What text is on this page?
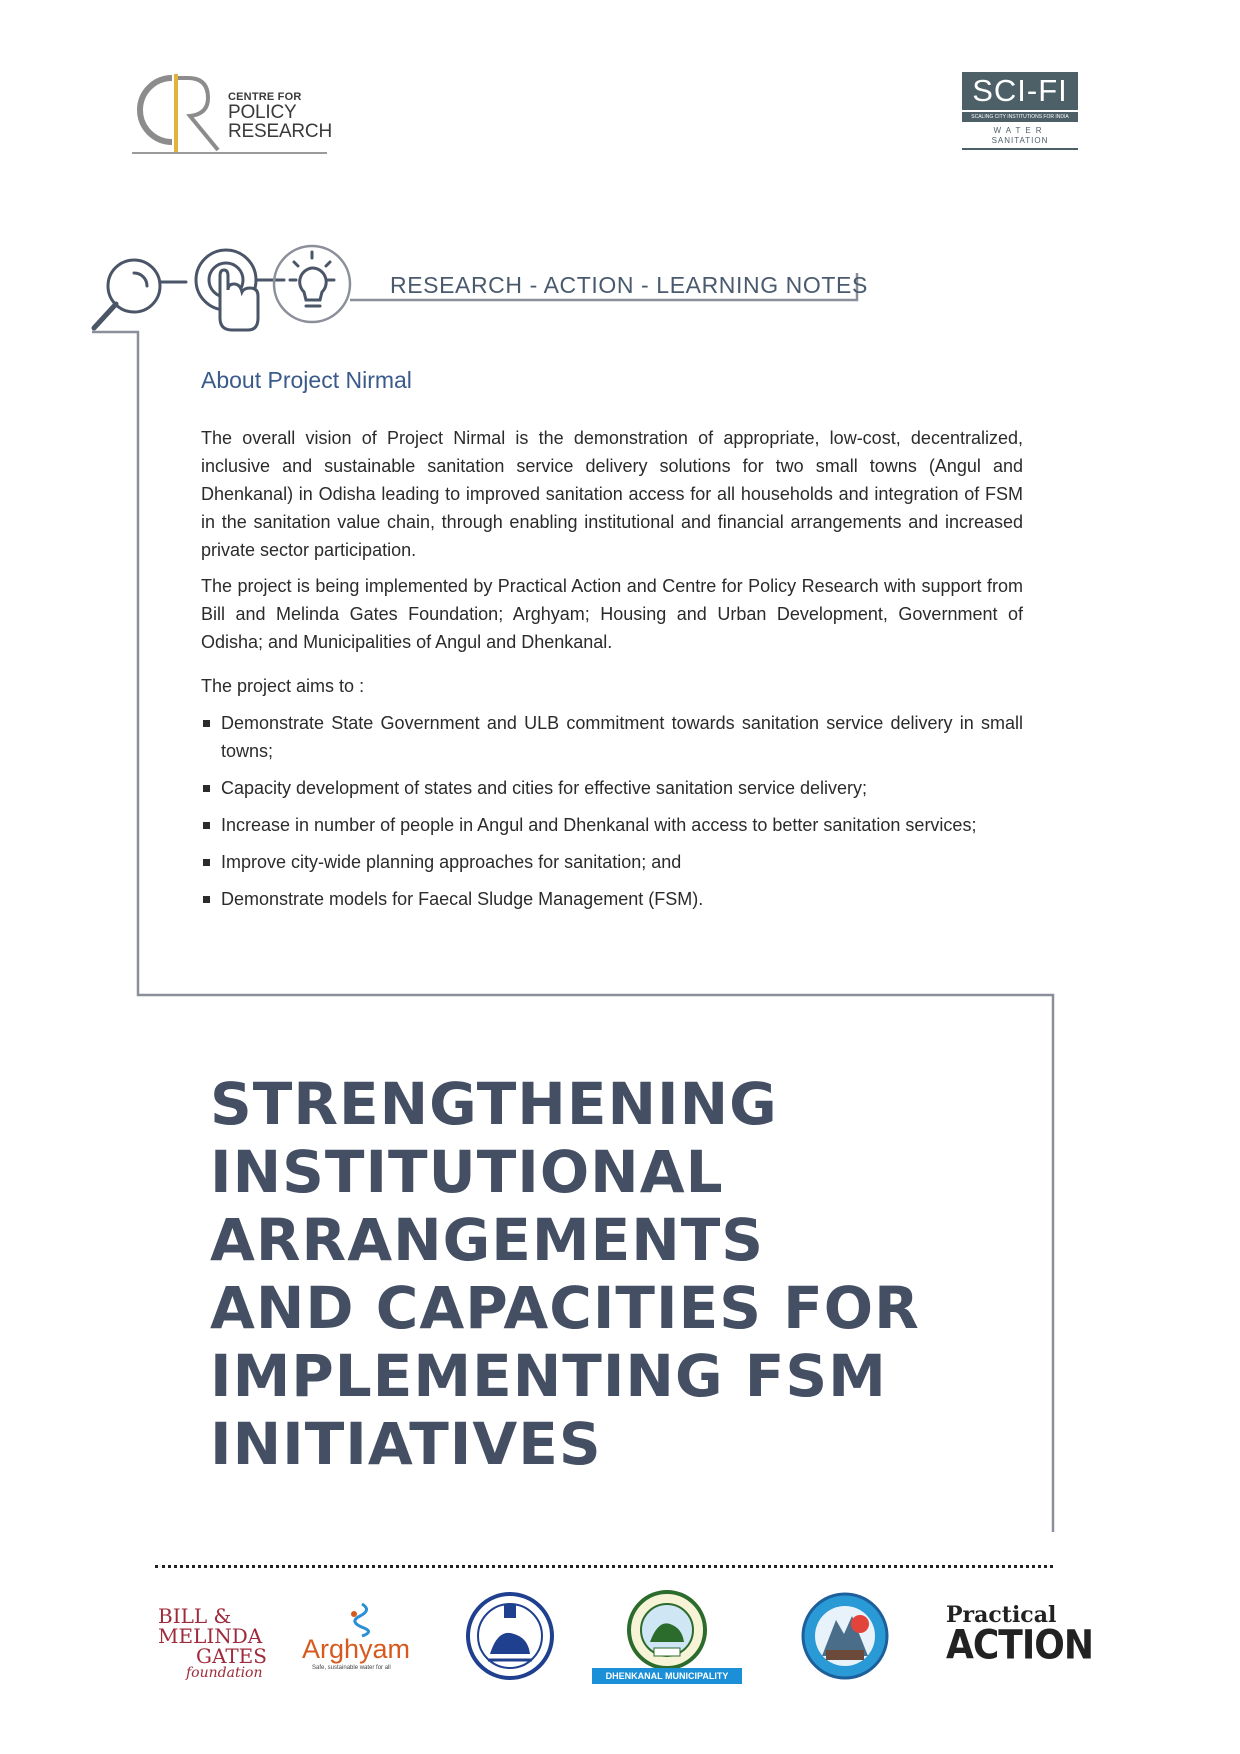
CENTRE FOR
POLICY
RESEARCH
SCI-FI
SCALING CITY INSTITUTIONS FOR INDIA
WATER
SANITATION
RESEARCH - ACTION - LEARNING NOTES
About Project Nirmal

The overall vision of Project Nirmal is the demonstration of appropriate, low-cost, decentralized, inclusive and sustainable sanitation service delivery solutions for two small towns (Angul and Dhenkanal) in Odisha leading to improved sanitation access for all households and integration of FSM in the sanitation value chain, through enabling institutional and financial arrangements and increased private sector participation.

The project is being implemented by Practical Action and Centre for Policy Research with support from Bill and Melinda Gates Foundation; Arghyam; Housing and Urban Development, Government of Odisha; and Municipalities of Angul and Dhenkanal.

The project aims to :

Demonstrate State Government and ULB commitment towards sanitation service delivery in small towns;
Capacity development of states and cities for effective sanitation service delivery;
Increase in number of people in Angul and Dhenkanal with access to better sanitation services;
Improve city-wide planning approaches for sanitation; and
Demonstrate models for Faecal Sludge Management (FSM).
STRENGTHENING
INSTITUTIONAL
ARRANGEMENTS
AND CAPACITIES FOR
IMPLEMENTING FSM
INITIATIVES
BILL &
MELINDA
GATES
foundation
Arghyam
Safe, sustainable water for all
DHENKANAL MUNICIPALITY
Practical
ACTION
